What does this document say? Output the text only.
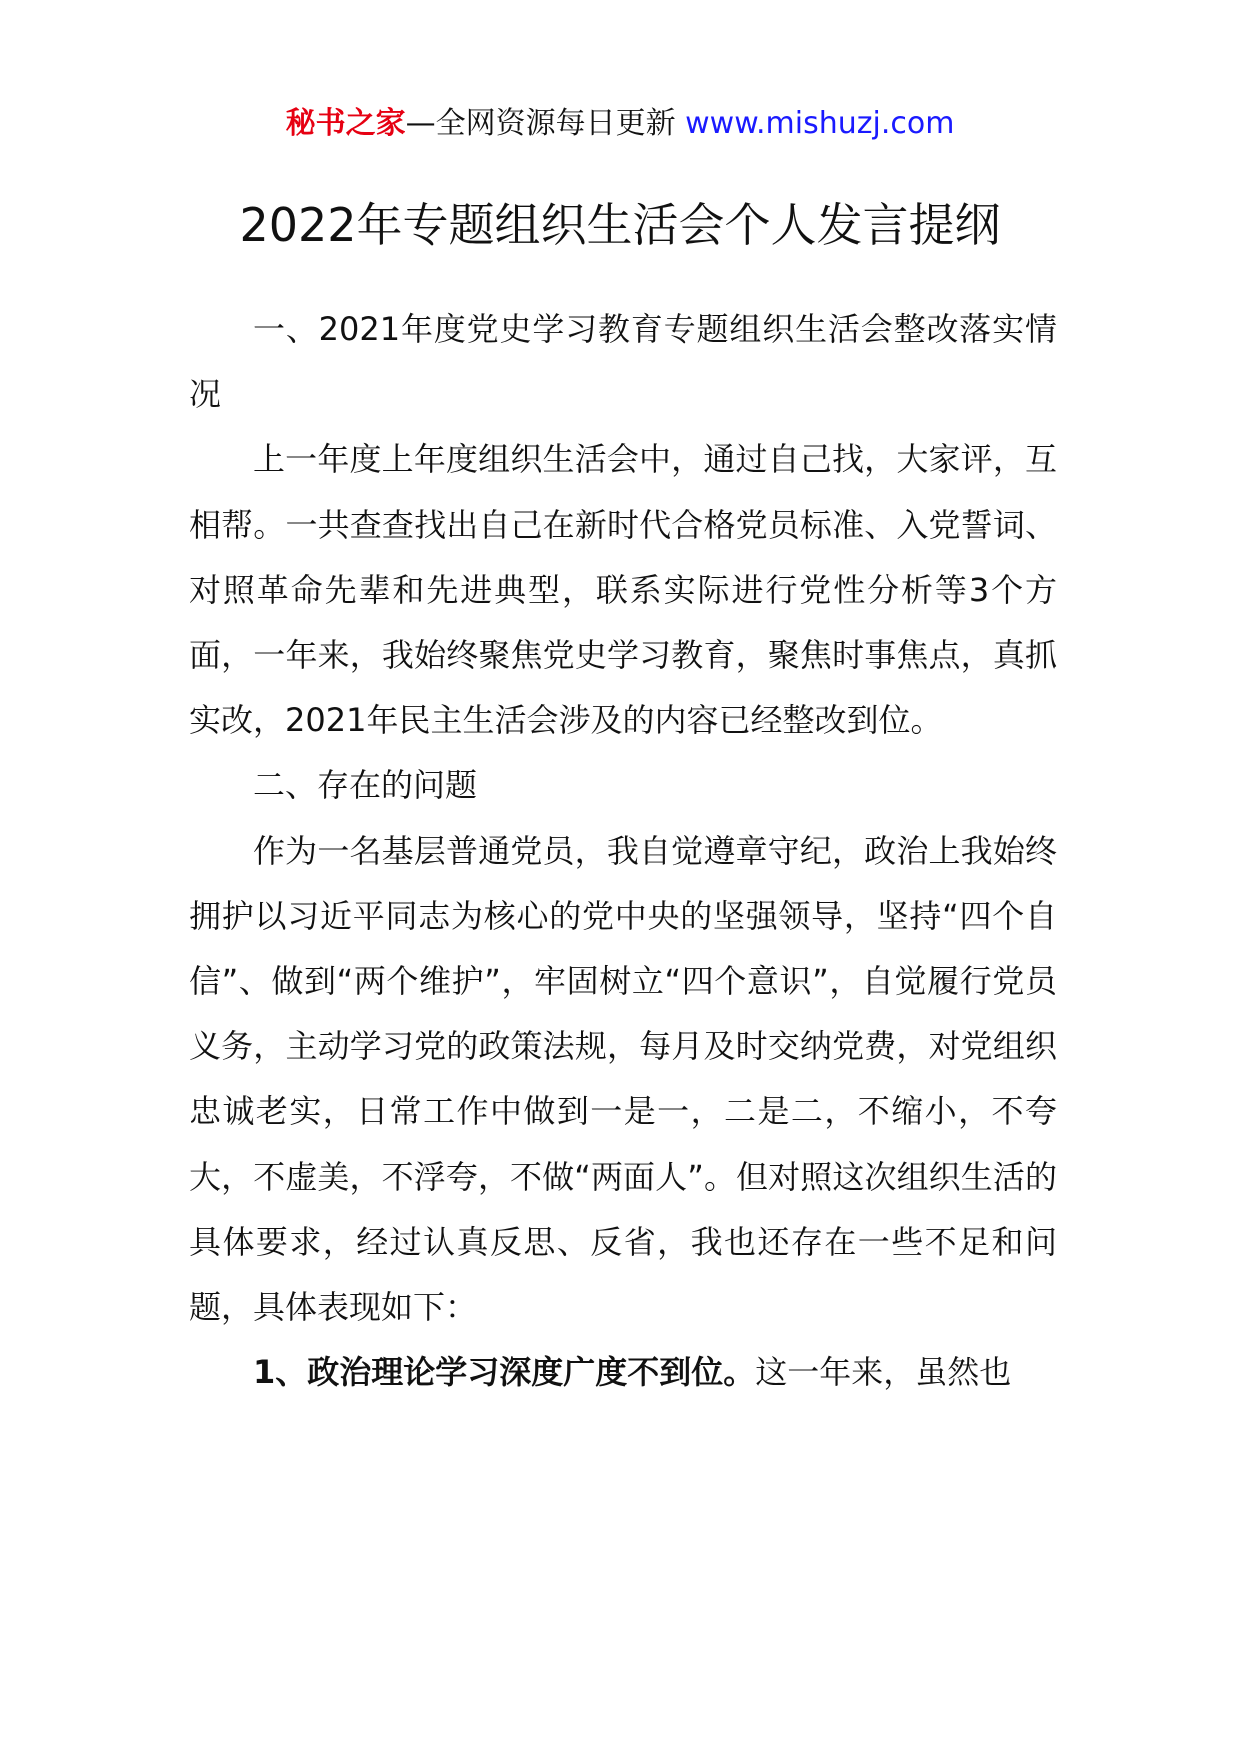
秘书之家—全网资源每日更新 www.mishuzj.com
2022年专题组织生活会个人发言提纲

一、2021年度党史学习教育专题组织生活会整改落实情况

上一年度上年度组织生活会中，通过自己找，大家评，互相帮。一共查查找出自己在新时代合格党员标准、入党誓词、对照革命先辈和先进典型，联系实际进行党性分析等3个方面，一年来，我始终聚焦党史学习教育，聚焦时事焦点，真抓实改，2021年民主生活会涉及的内容已经整改到位。

二、存在的问题

作为一名基层普通党员，我自觉遵章守纪，政治上我始终拥护以习近平同志为核心的党中央的坚强领导，坚持“四个自信”、做到“两个维护”，牢固树立“四个意识”，自觉履行党员义务，主动学习党的政策法规，每月及时交纳党费，对党组织忠诚老实，日常工作中做到一是一，二是二，不缩小，不夸大，不虚美，不浮夸，不做“两面人”。但对照这次组织生活的具体要求，经过认真反思、反省，我也还存在一些不足和问题，具体表现如下：

1、政治理论学习深度广度不到位。这一年来，虽然也
